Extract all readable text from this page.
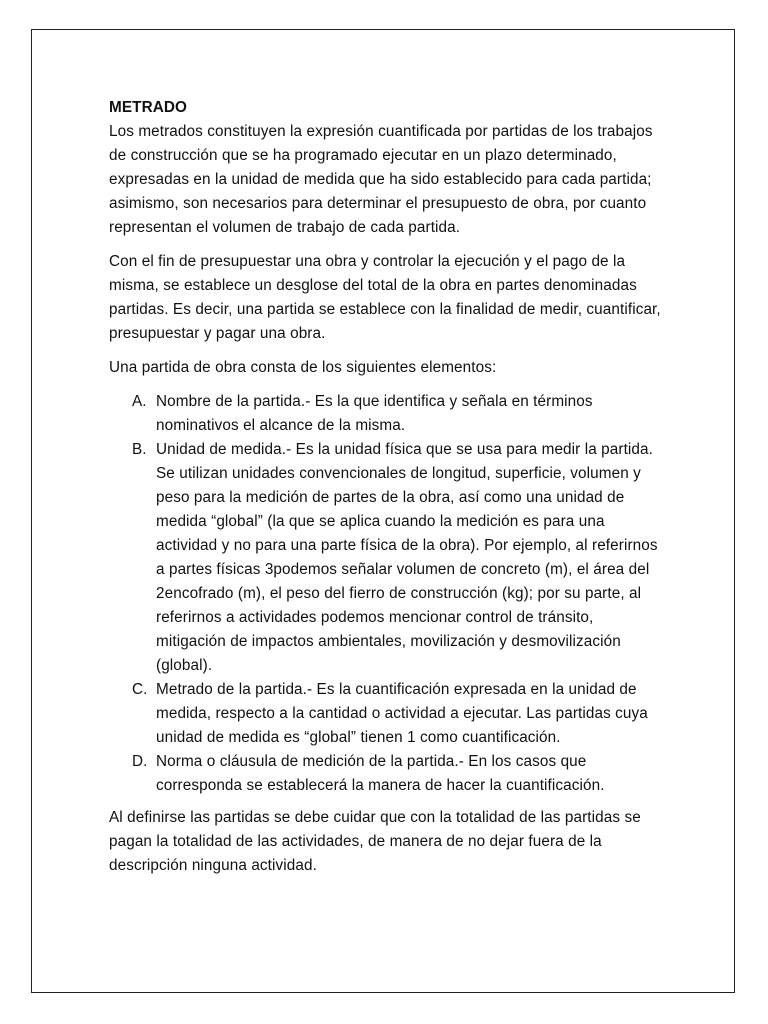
METRADO

Los metrados constituyen la expresión cuantificada por partidas de los trabajos de construcción que se ha programado ejecutar en un plazo determinado, expresadas en la unidad de medida que ha sido establecido para cada partida; asimismo, son necesarios para determinar el presupuesto de obra, por cuanto representan el volumen de trabajo de cada partida.

Con el fin de presupuestar una obra y controlar la ejecución y el pago de la misma, se establece un desglose del total de la obra en partes denominadas partidas. Es decir, una partida se establece con la finalidad de medir, cuantificar, presupuestar y pagar una obra.

Una partida de obra consta de los siguientes elementos:

A. Nombre de la partida.- Es la que identifica y señala en términos nominativos el alcance de la misma.
B. Unidad de medida.- Es la unidad física que se usa para medir la partida. Se utilizan unidades convencionales de longitud, superficie, volumen y peso para la medición de partes de la obra, así como una unidad de medida “global” (la que se aplica cuando la medición es para una actividad y no para una parte física de la obra). Por ejemplo, al referirnos a partes físicas 3podemos señalar volumen de concreto (m), el área del 2encofrado (m), el peso del fierro de construcción (kg); por su parte, al referirnos a actividades podemos mencionar control de tránsito, mitigación de impactos ambientales, movilización y desmovilización (global).
C. Metrado de la partida.- Es la cuantificación expresada en la unidad de medida, respecto a la cantidad o actividad a ejecutar. Las partidas cuya unidad de medida es “global” tienen 1 como cuantificación.
D. Norma o cláusula de medición de la partida.- En los casos que corresponda se establecerá la manera de hacer la cuantificación.

Al definirse las partidas se debe cuidar que con la totalidad de las partidas se pagan la totalidad de las actividades, de manera de no dejar fuera de la descripción ninguna actividad.
